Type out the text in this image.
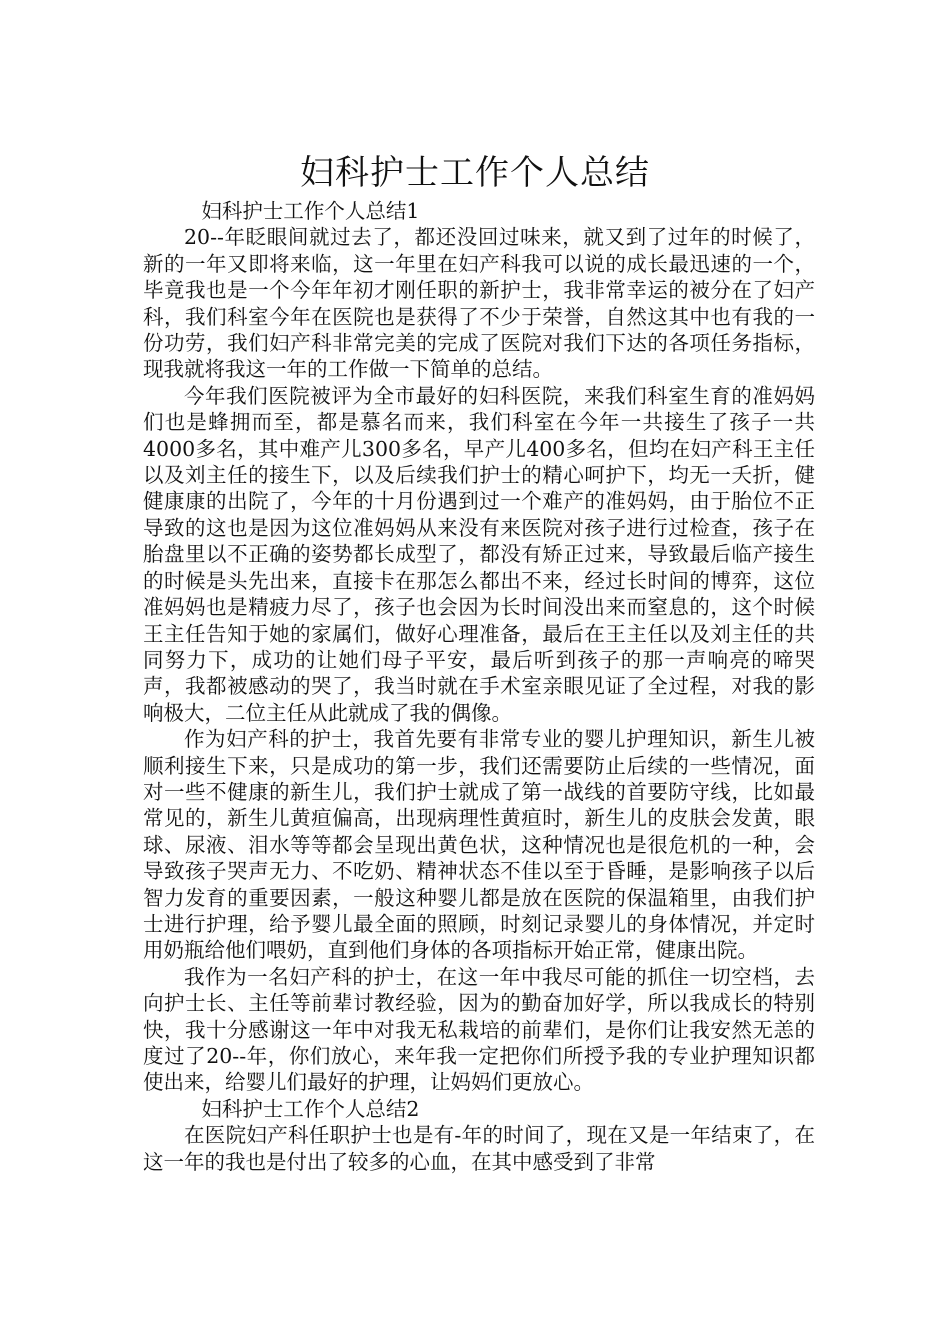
妇科护士工作个人总结

妇科护士工作个人总结1

20--年眨眼间就过去了，都还没回过味来，就又到了过年的时候了，新的一年又即将来临，这一年里在妇产科我可以说的成长最迅速的一个，毕竟我也是一个今年年初才刚任职的新护士，我非常幸运的被分在了妇产科，我们科室今年在医院也是获得了不少于荣誉，自然这其中也有我的一份功劳，我们妇产科非常完美的完成了医院对我们下达的各项任务指标，现我就将我这一年的工作做一下简单的总结。

今年我们医院被评为全市最好的妇科医院，来我们科室生育的准妈妈们也是蜂拥而至，都是慕名而来，我们科室在今年一共接生了孩子一共4000多名，其中难产儿300多名，早产儿400多名，但均在妇产科王主任以及刘主任的接生下，以及后续我们护士的精心呵护下，均无一夭折，健健康康的出院了，今年的十月份遇到过一个难产的准妈妈，由于胎位不正导致的这也是因为这位准妈妈从来没有来医院对孩子进行过检查，孩子在胎盘里以不正确的姿势都长成型了，都没有矫正过来，导致最后临产接生的时候是头先出来，直接卡在那怎么都出不来，经过长时间的博弈，这位准妈妈也是精疲力尽了，孩子也会因为长时间没出来而窒息的，这个时候王主任告知于她的家属们，做好心理准备，最后在王主任以及刘主任的共同努力下，成功的让她们母子平安，最后听到孩子的那一声响亮的啼哭声，我都被感动的哭了，我当时就在手术室亲眼见证了全过程，对我的影响极大，二位主任从此就成了我的偶像。

作为妇产科的护士，我首先要有非常专业的婴儿护理知识，新生儿被顺利接生下来，只是成功的第一步，我们还需要防止后续的一些情况，面对一些不健康的新生儿，我们护士就成了第一战线的首要防守线，比如最常见的，新生儿黄疸偏高，出现病理性黄疸时，新生儿的皮肤会发黄，眼球、尿液、泪水等等都会呈现出黄色状，这种情况也是很危机的一种，会导致孩子哭声无力、不吃奶、精神状态不佳以至于昏睡，是影响孩子以后智力发育的重要因素，一般这种婴儿都是放在医院的保温箱里，由我们护士进行护理，给予婴儿最全面的照顾，时刻记录婴儿的身体情况，并定时用奶瓶给他们喂奶，直到他们身体的各项指标开始正常，健康出院。

我作为一名妇产科的护士，在这一年中我尽可能的抓住一切空档，去向护士长、主任等前辈讨教经验，因为的勤奋加好学，所以我成长的特别快，我十分感谢这一年中对我无私栽培的前辈们，是你们让我安然无恙的度过了20--年，你们放心，来年我一定把你们所授予我的专业护理知识都使出来，给婴儿们最好的护理，让妈妈们更放心。

妇科护士工作个人总结2

在医院妇产科任职护士也是有-年的时间了，现在又是一年结束了，在这一年的我也是付出了较多的心血，在其中感受到了非常
